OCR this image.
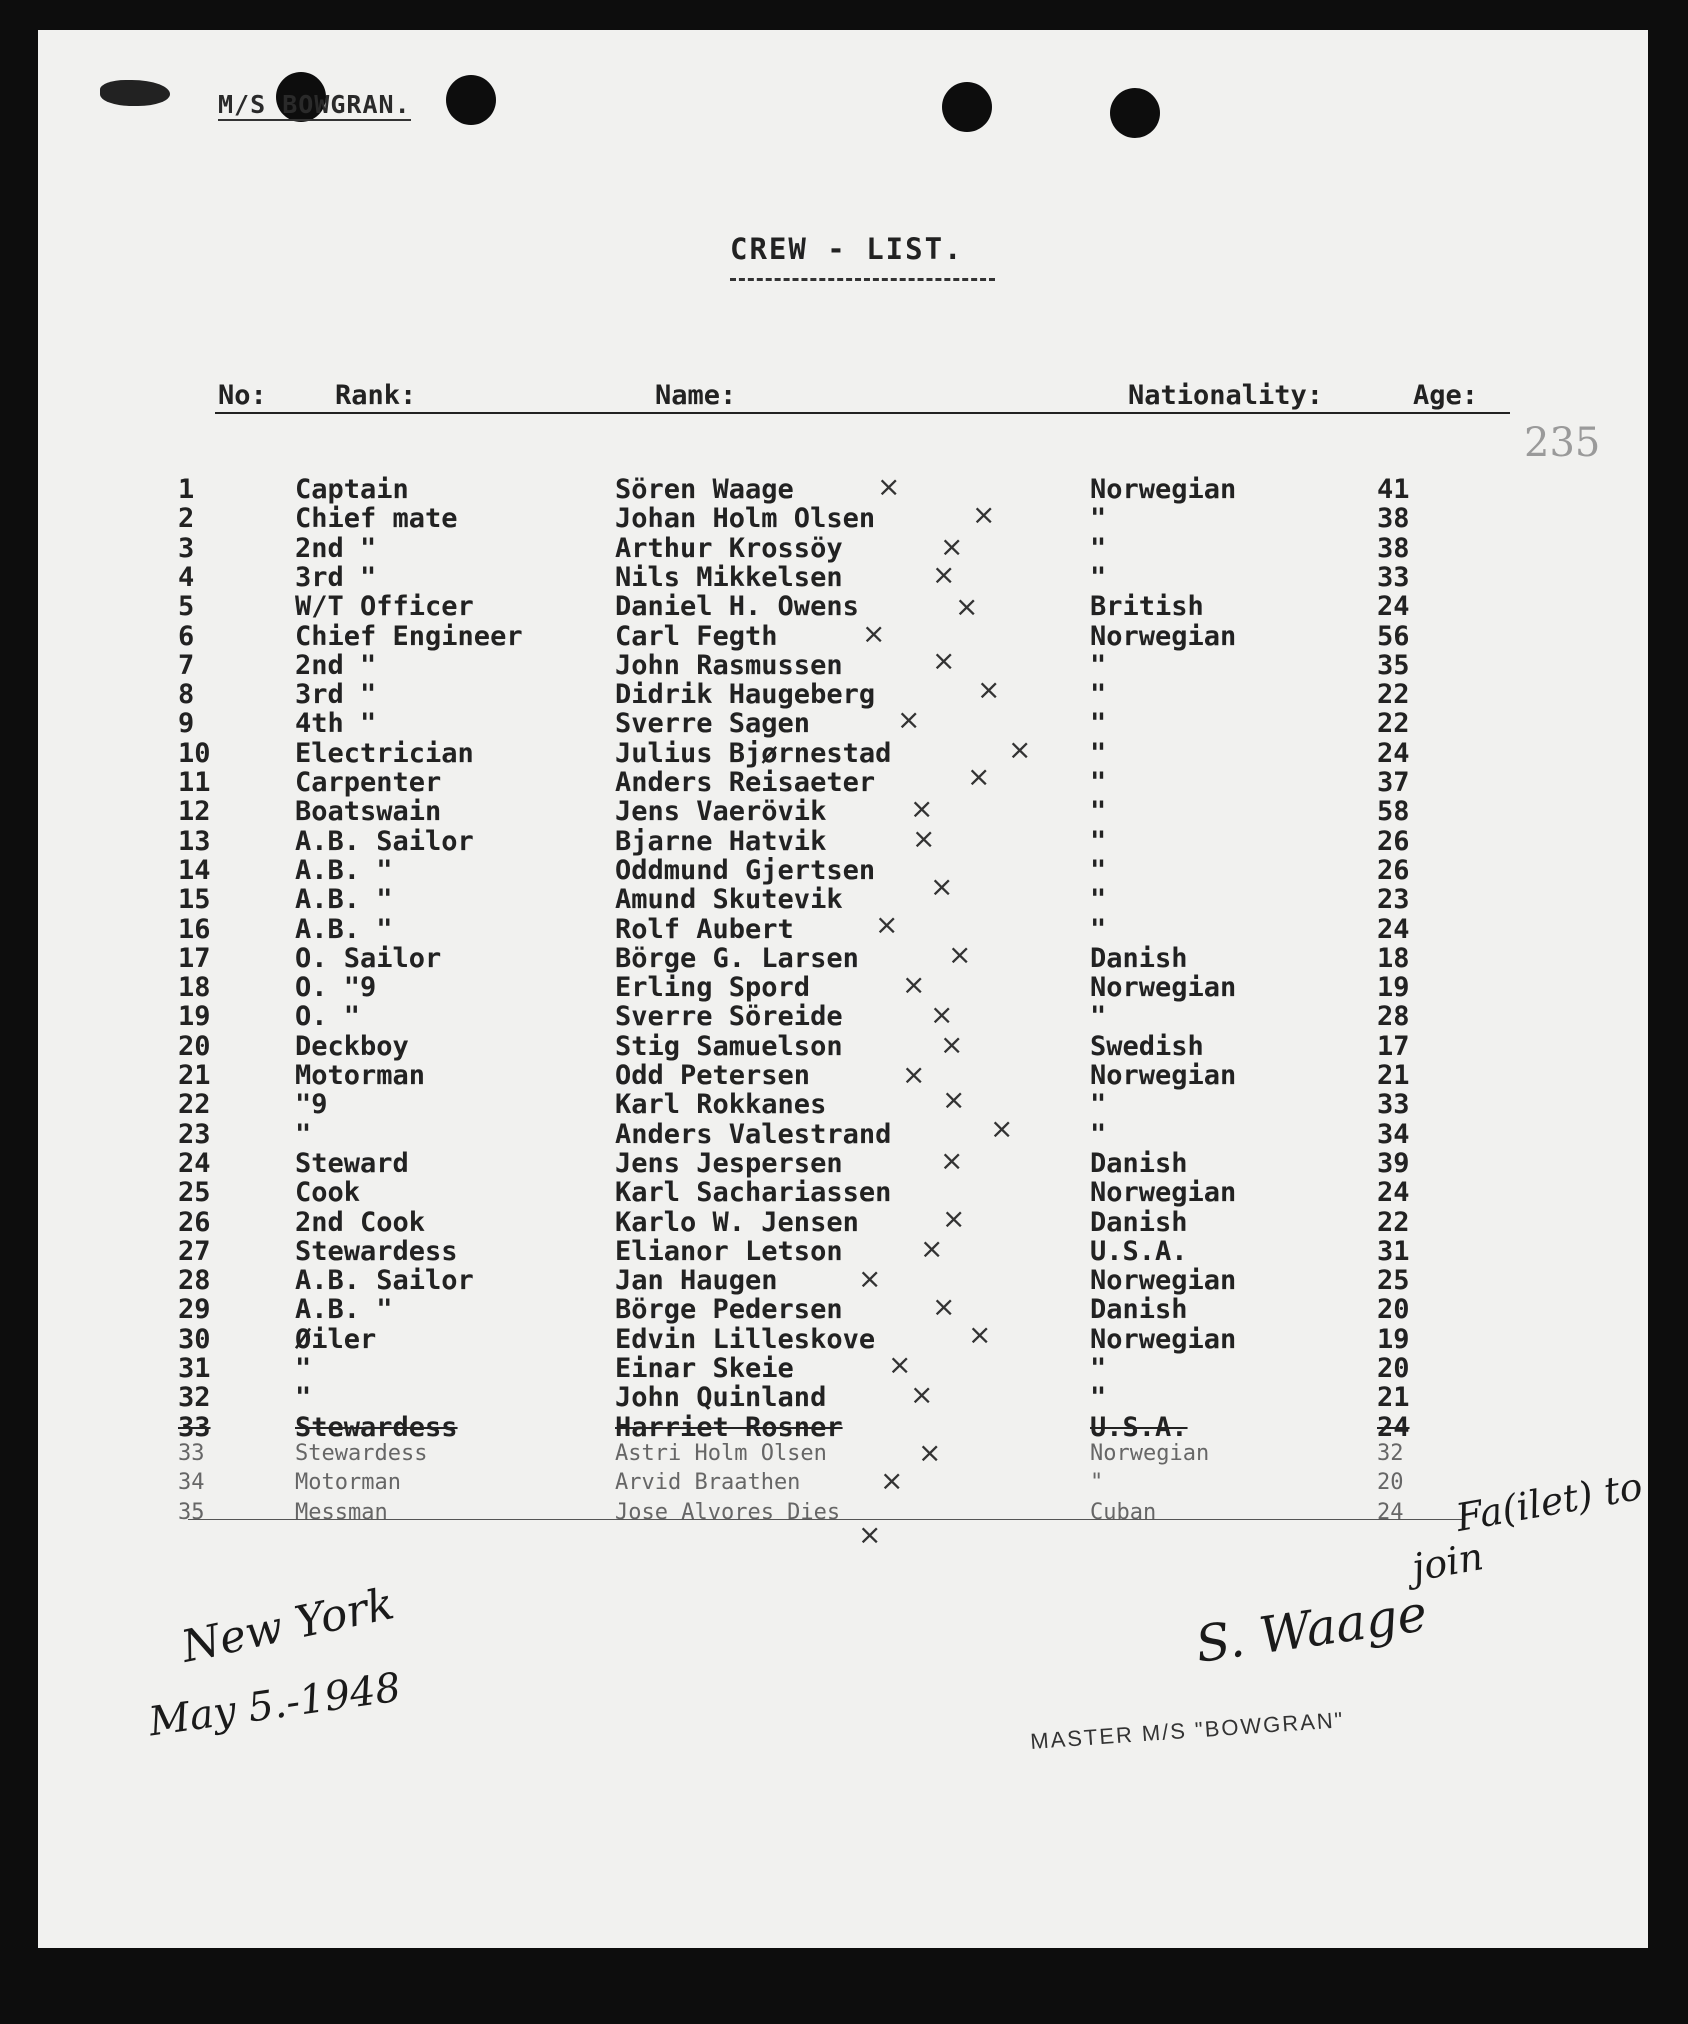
M/S BOWGRAN.
CREW - LIST.
No:	Rank:	Name:	Nationality:	Age:
235
1	Captain	Sören Waage	Norwegian	41
2	Chief mate	Johan Holm Olsen	"	38
3	2nd "	Arthur Krossöy	"	38
4	3rd "	Nils Mikkelsen	"	33
5	W/T Officer	Daniel H. Owens	British	24
6	Chief Engineer	Carl Fegth	Norwegian	56
7	2nd "	John Rasmussen	"	35
8	3rd "	Didrik Haugeberg	"	22
9	4th "	Sverre Sagen	"	22
10	Electrician	Julius Bjørnestad	"	24
11	Carpenter	Anders Reisaeter	"	37
12	Boatswain	Jens Vaerövik	"	58
13	A.B. Sailor	Bjarne Hatvik	"	26
14	A.B. "	Oddmund Gjertsen	"	26
15	A.B. "	Amund Skutevik	"	23
16	A.B. "	Rolf Aubert	"	24
17	O. Sailor	Börge G. Larsen	Danish	18
18	O. "9	Erling Spord	Norwegian	19
19	O. "	Sverre Söreide	"	28
20	Deckboy	Stig Samuelson	Swedish	17
21	Motorman	Odd Petersen	Norwegian	21
22	"9	Karl Rokkanes	"	33
23	"	Anders Valestrand	"	34
24	Steward	Jens Jespersen	Danish	39
25	Cook	Karl Sachariassen	Norwegian	24
26	2nd Cook	Karlo W. Jensen	Danish	22
27	Stewardess	Elianor Letson	U.S.A.	31
28	A.B. Sailor	Jan Haugen	Norwegian	25
29	A.B. "	Börge Pedersen	Danish	20
30	Øiler	Edvin Lilleskove	Norwegian	19
31	"	Einar Skeie	"	20
32	"	John Quinland	"	21
33	Stewardess	Harriet Rosner	U.S.A.	24
33	Stewardess	Astri Holm Olsen	Norwegian	32
34	Motorman	Arvid Braathen	"	20
35	Messman	Jose Alvores Dies	Cuban	24
×
×
×
×
×
×
×
×
×
×
×
×
×
×
×
×
×
×
×
×
×
×
×
×
×
×
×
×
×
×
×
×
×
New York
May 5.-1948
S. Waage
Fa(ilet) to
join
MASTER M/S "BOWGRAN"
